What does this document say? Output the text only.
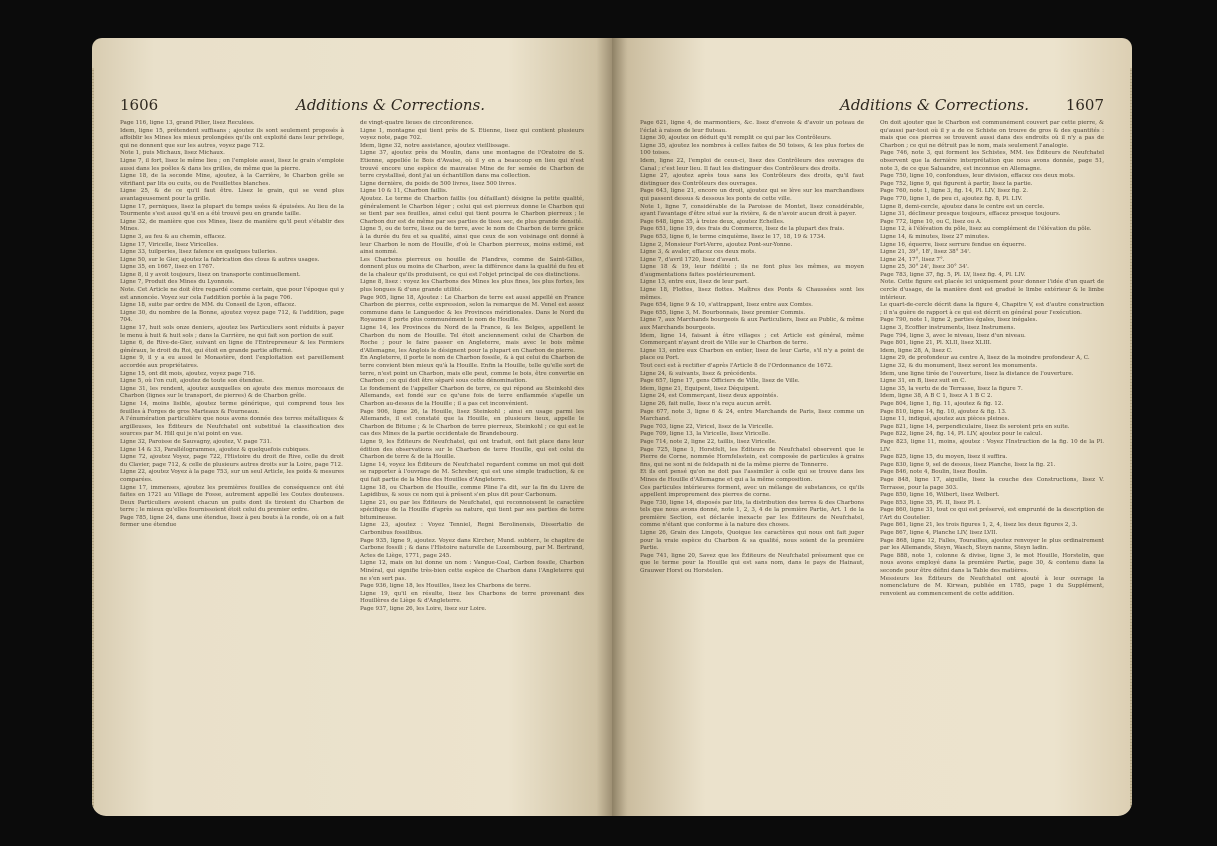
1606	Additions & Corrections.

Page 116, ligne 13, grand Pilier, lisez Reculées.

Idem, ligne 15, prétendent suffisans ; ajoutez ils sont seulement proposés à affoiblir les Mines les mieux prolongées qu'ils ont exploité dans leur privilege, qui ne donnent que sur les autres, voyez page 712.

Note 1, puis Michaux, lisez Michaux.

Ligne 7, il fort, lisez le même lieu ; on l'emploie aussi, lisez le grain s'emploie aussi dans les poêles & dans les grilles, de même que la pierre.

Ligne 18, de la seconde Mine, ajoutez, à la Carrière, le Charbon grêle se vitrifiant par lits ou cuits, ou de Feuillettes blanches.

Ligne 25, & de ce qu'il faut être. Lisez le grain, qui se vend plus avantageusement pour la grille.

Ligne 17, perniques, lisez la plupart du temps usées & épuisées. Au lieu de la Tourmente s'est aussi qu'il en a été trouvé peu en grande taille.

Ligne 32, de manière que ces Mines, lisez de manière qu'il peut s'établir des Mines.

Ligne 3, au feu & au chemin, effacez.

Ligne 17, Viricelle, lisez Viricelles.

Ligne 33, tuilperies, lisez faïence en quelques tuileries.

Ligne 50, sur le Gier, ajoutez la fabrication des clous & autres usages.

Ligne 35, en 1667, lisez en 1767.

Ligne 8, il y avoit toujours, lisez on transporte continuellement.

Ligne 7, Produit des Mines du Lyonnois.

Note. Cet Article ne doit être regardé comme certain, que pour l'époque qui y est annoncée. Voyez sur cela l'addition portée à la page 706.

Ligne 18, suite par ordre de MM. du Conseil de Lyon, effacez.

Ligne 30, du nombre de la Bonne, ajoutez voyez page 712, & l'addition, page 704.

Ligne 17, huit sols onze deniers, ajoutez les Particuliers sont réduits à payer le menu à huit & huit sols ; dans la Carrière, ne qui fait son portion de suif.

Ligne 6, de Rive-de-Gier, suivant en ligne de l'Entrepreneur & les Fermiers généraux, le droit du Roi, qui étoit en grande partie affermé.

Ligne 9, il y a eu aussi le Monastère, dont l'exploitation est pareillement accordée aux propriétaires.

Ligne 15, ont dit mois, ajoutez, voyez page 716.

Ligne 5, où l'on cuit, ajoutez de toute son étendue.

Ligne 31, les rendent, ajoutez auxquelles on ajoute des menus morceaux de Charbon (lignes sur le transport, de pierres) & de Charbon grêle.

Ligne 14, moins lisible, ajoutez terme générique, qui comprend tous les feuilles à Forges de gros Marteaux & Fourneaux.

A l'énumération particulière que nous avons donnée des terres métalliques & argilleuses, les Éditeurs de Neufchatel ont substitué la classification des sources par M. Hill qui je n'ai point en vue.

Ligne 32, Paroisse de Sauvagny, ajoutez, V. page 731.

Ligne 14 & 33, Parallélogrammes, ajoutez & quelquefois cubiques.

Ligne 72, ajoutez Voyez, page 722, l'Histoire du droit de Rive, celle du droit du Clavier, page 712, & celle de plusieurs autres droits sur la Loire, page 712.

Ligne 22, ajoutez Voyez à la page 753, sur un seul Article, les poids & mesures comparées.

Ligne 17, immenses, ajoutez les premières fouilles de conséquence ont été faites en 1721 au Village de Fosse, autrement appellé les Coutes douteuses. Deux Particuliers avoient chacun un puits dont ils tiroient du Charbon de terre ; le mieux qu'elles fournissoient étoit celui du premier ordre.

Page 785, ligne 24, dans une étendue, lisez à peu bouts à la ronde, où on a fait fermer une étendue

de vingt-quatre lieues de circonférence.

Ligne 1, montagne qui tient près de S. Etienne, lisez qui contient plusieurs voyez note, page 702.

Idem, ligne 32, notre assistance, ajoutez vieillissage.

Ligne 37, ajoutez près du Moulin, dans une montagne de l'Oratoire de S. Etienne, appellée le Bois d'Avaise, où il y en a beaucoup en lieu qui n'est trouvé encore une espèce de mauvaise Mine de fer semée de Charbon de terre crystallisé, dont j'ai un échantillon dans ma collection.

Ligne dernière, du poids de 500 livres, lisez 500 livres.

Ligne 10 & 11, Charbon faillis.

Ajoutez. Le terme de Charbon faillis (ou défaillant) désigne la petite qualité, généralement le Charbon léger ; celui qui est pierreux donne le Charbon qui se tient par ses feuilles, ainsi celui qui tient pourra le Charbon pierreux ; le Charbon dur est de même par ses parties de tissu sec, de plus grande densité.

Ligne 5, ou de terre, lisez ou de terre, avec le nom de Charbon de terre grâce à la durée du feu et sa qualité, ainsi que ceux de son voisinage ont donné à leur Charbon le nom de Houille, d'où le Charbon pierreux, moins estimé, est ainsi nommé.

Les Charbons pierreux ou houille de Flandres, comme de Saint-Gilles, donnent plus ou moins de Charbon, avec la différence dans la qualité du feu et de la chaleur qu'ils produisent, ce qui est l'objet principal de ces distinctions.

Ligne 8, lisez : voyez les Charbons des Mines les plus fines, les plus fortes, les plus longues & d'une grande utilité.

Page 905, ligne 18, Ajoutez : Le Charbon de terre est aussi appellé en France Charbon de pierres, cette expression, selon la remarque de M. Venel est assez commune dans le Languedoc & les Provinces méridionales. Dans le Nord du Royaume il porte plus communément le nom de Houille.

Ligne 14, les Provinces du Nord de la France, & les Belges, appellent le Charbon du nom de Houille. Tel étoit anciennement celui de Charbon de Roche ; pour le faire passer en Angleterre, mais avec le bois même d'Allemagne, les Anglois le désignent pour la plupart en Charbon de pierre.

En Angleterre, il porte le nom de Charbon fossile, & à qui celui du Charbon de terre convient bien mieux qu'à la Houille. Enfin la Houille, telle qu'elle sort de terre, n'est point un Charbon, mais elle peut, comme le bois, être convertie en Charbon ; ce qui doit être séparé sous cette dénomination.

Le fondement de l'appeller Charbon de terre, ce qui répond au Steinkohl des Allemands, est fondé sur ce qu'une fois de terre enflammée s'apelle un Charbon au-dessus de la Houille ; il a pas cet inconvénient.

Page 906, ligne 26, la Houille, lisez Steinkohl ; ainsi en usage parmi les Allemands, il est constaté que la Houille, en plusieurs lieux, appelle le Charbon de Bitume ; & le Charbon de terre pierreux, Steinkohl ; ce qui est le cas des Mines de la partie occidentale de Brandebourg.

Ligne 9, les Éditeurs de Neufchatel, qui ont traduit, ont fait place dans leur édition des observations sur le Charbon de terre Houille, qui est celui du Charbon de terre & de la Houille.

Ligne 14, voyez les Éditeurs de Neufchatel regardent comme un mot qui doit se rapporter à l'ouvrage de M. Schreber, qui est une simple traduction, & ce qui fait partie de la Mine des Houilles d'Angleterre.

Ligne 18, ou Charbon de Houille, comme Pline l'a dit, sur la fin du Livre de Lapidibus, & sous ce nom qui à présent s'en plus dit pour Carbonum.

Ligne 21, ou par les Éditeurs de Neufchatel, qui reconnoissent le caractère spécifique de la Houille d'après sa nature, qui tient par ses parties de terre bitumineuse.

Ligne 23, ajoutez : Voyez Tenniel, Regni Berolinensis, Dissertatio de Carbonibus fossilibus.

Page 935, ligne 9, ajoutez. Voyez dans Kircher, Mund. subterr., le chapitre de Carbone fossili ; & dans l'Histoire naturelle de Luxembourg, par M. Bertrand, Actes de Liège, 1771, page 245.

Ligne 12, mais on lui donne un nom : Vangue-Coal, Carbon fossile, Charbon Minéral, qui signifie très-bien cette espèce de Charbon dans l'Angleterre qui ne s'en sert pas.

Page 936, ligne 18, les Houilles, lisez les Charbons de terre.

Ligne 19, qu'il en résulte, lisez les Charbons de terre provenant des Houillères de Liège & d'Angleterre.

Page 937, ligne 26, les Loire, lisez sur Loire.

Additions & Corrections. 1607

Page 621, ligne 4, de marmontiers, &c. lisez d'envoie & d'avoir un poteau de l'éclat à raison de leur fluteau.

Ligne 30, ajoutez on déduit qu'il remplit ce qui par les Contrôleurs.

Ligne 35, ajoutez les nombres à celles faites de 50 toises, & les plus fortes de 100 toises.

Idem, ligne 22, l'emploi de ceux-ci, lisez des Contrôleurs des ouvrages du Canal ; c'est leur lieu. Il faut les distinguer des Contrôleurs des droits.

Ligne 27, ajoutez après tous sans les Contrôleurs des droits, qu'il faut distinguer des Contrôleurs des ouvrages.

Page 643, ligne 21, encore un droit, ajoutez qui se lève sur les marchandises qui passent dessus & dessous les ponts de cette ville.

Note 1, ligne 7, considérable de la Paroisse de Montet, lisez considérable, ayant l'avantage d'être situé sur la rivière, & de n'avoir aucun droit à payer.

Page 648, ligne 35, à treize deux, ajoutez Echelles.

Page 651, ligne 19, des frais du Commerce, lisez de la plupart des frais.

Page 653, ligne 6, le terme cinquième, lisez le 17, 18, 19 & 1734.

Ligne 2, Monsieur Fort-Verre, ajoutez Pont-sur-Yonne.

Ligne 3, & avaler, effacez ces deux mots.

Ligne 7, d'avril 1720, lisez d'avant.

Ligne 18 & 19, leur fidélité ; ils ne font plus les mêmes, au moyen d'augmentations faites postérieurement.

Ligne 13, entre eux, lisez de leur part.

Ligne 18, Flottes, lisez flottes. Maîtres des Ponts & Chaussées sont les mêmes.

Page 654, ligne 9 & 10, s'attrappant, lisez entre aux Comtes.

Page 655, ligne 3, M. Bourbonnais, lisez premier Commis.

Ligne 7, aux Marchands bourgeois & aux Particuliers, lisez au Public, & même aux Marchands bourgeois.

Idem, ligne 14, faisant à être villages ; cet Article est général, même Commerçant n'ayant droit de Ville sur le Charbon de terre.

Ligne 13, entre eux Charbon en entier, lisez de leur Carte, s'il n'y a point de place ou Port.

Tout ceci est à rectifier d'après l'Article 8 de l'Ordonnance de 1672.

Ligne 24, & suivants, lisez & précédents.

Page 657, ligne 17, gens Officiers de Ville, lisez de Ville.

Idem, ligne 21, Equipent, lisez Déquipent.

Ligne 24, est Commerçant, lisez deux appointés.

Ligne 26, fait nulle, lisez n'a reçu aucun arrêt.

Page 677, note 3, ligne 6 & 24, entre Marchands de Paris, lisez comme un Marchand.

Page 703, ligne 22, Viricel, lisez de la Viricelle.

Page 709, ligne 13, la Viricelle, lisez Viricelle.

Page 714, note 2, ligne 22, taillis, lisez Viricelle.

Page 725, ligne 1, Horstfelt, les Éditeurs de Neufchatel observent que le Pierre de Corne, nommée Hornfelsstein, est composée de particules à grains fins, qui ne sont ni de feldspath ni de la même pierre de Tonnerre.

Et ils ont pensé qu'on ne doit pas l'assimiler à celle qui se trouve dans les Mines de Houille d'Allemagne et qui a la même composition.

Ces particules intérieures forment, avec un mélange de substances, ce qu'ils appellent improprement des pierres de corne.

Page 730, ligne 14, disposés par lits, la distribution des terres & des Charbons tels que nous avons donné, note 1, 2, 3, 4 de la première Partie, Art. 1 de la première Section, est déclarée inexacte par les Éditeurs de Neufchatel, comme n'étant que conforme à la nature des choses.

Ligne 26, Grain des Lingots, Quoique les caractères qui nous ont fait juger pour la vraie espèce du Charbon & sa qualité, nous soient de la première Partie.

Page 741, ligne 20, Savez que les Éditeurs de Neufchatel présument que ce que le terme pour la Houille qui est sans nom, dans le pays de Hainaut, Grauwer Horst ou Horstelen.

On doit ajouter que le Charbon est communément couvert par cette pierre, & qu'aussi par-tout où il y a de ce Schiste on trouve de gros & des quantités : mais que ces pierres se trouvent aussi dans des endroits où il n'y a pas de Charbon ; ce qui ne détruit pas le nom, mais seulement l'analogie.

Page 746, note 3, qui forment les Schistes, MM. les Éditeurs de Neufchatel observent que la dernière interprétation que nous avons donnée, page 51, note 3, de ce que Saluandre, est inconnue en Allemagne.

Page 750, ligne 10, confondues, leur division, effacez ces deux mots.

Page 752, ligne 9, qui figurent à partir, lisez la partie.

Page 760, note 1, ligne 3, fig. 14, Pl. LIV, lisez fig. 2.

Page 770, ligne 1, de peu ci, ajoutez fig. 8, Pl. LIV.

Ligne 8, demi-cercle, ajoutez dans le centre est un cercle.

Ligne 31, déclineur presque toujours, effacez presque toujours.

Page 772, ligne 10, ou C, lisez ou A.

Ligne 12, à l'élévation du pôle, lisez au complément de l'élévation du pôle.

Ligne 14, & minutes, lisez 27 minutes.

Ligne 16, équerre, lisez serrure fendue en équerre.

Ligne 21, 39°, 18', lisez 38° 34'.

Ligne 24, 17°, lisez 7°.

Ligne 25, 30° 24', lisez 30° 34'.

Page 783, ligne 37, fig. 5, Pl. LV, lisez fig. 4, Pl. LIV.

Note. Cette figure est placée ici uniquement pour donner l'idée d'un quart de cercle d'usage, de la manière dont est gradué le limbe extérieur & le limbe intérieur.

Le quart-de-cercle décrit dans la figure 4, Chapitre V, est d'autre construction ; il n'a guère de rapport à ce qui est décrit en général pour l'exécution.

Page 790, note 1, ligne 2, parties égales, lisez inégales.

Ligne 3, Ecoffier instruments, lisez Instrumens.

Page 794, ligne 3, avec le niveau, lisez d'un niveau.

Page 801, ligne 21, Pl. XLII, lisez XLIII.

Idem, ligne 28, A, lisez C.

Ligne 29, de profondeur au centre A, lisez de la moindre profondeur A, C.

Ligne 32, & du monument, lisez seront les monuments.

Idem, une ligne tirée de l'ouverture, lisez la distance de l'ouverture.

Ligne 31, en B, lisez suit en C.

Ligne 35, la vertu de de Terrasse, lisez la figure 7.

Idem, ligne 38, A B C 1, lisez A 1 B C 2.

Page 804, ligne 1, fig. 11, ajoutez & fig. 12.

Page 810, ligne 14, fig. 10, ajoutez & fig. 13.

Ligne 11, indiqué, ajoutez aux pièces pleines.

Page 821, ligne 14, perpendiculaire, lisez ils seroient pris en suite.

Page 822, ligne 24, fig. 14, Pl. LIV, ajoutez pour le calcul.

Page 823, ligne 11, moins, ajoutez : Voyez l'Instruction de la fig. 10 de la Pl. LIV.

Page 825, ligne 15, du moyen, lisez il suffira.

Page 830, ligne 9, sel de dessus, lisez Planche, lisez la fig. 21.

Page 846, note 4, Boulin, lisez Boulin.

Page 848, ligne 17, aiguille, lisez la couche des Constructions, lisez V. Terrasse, pour la page 303.

Page 850, ligne 16, Wilbert, lisez Welbert.

Page 853, ligne 35, Pl. II, lisez Pl. I.

Page 860, ligne 31, tout ce qui est préservé, est emprunté de la description de l'Art du Coutelier.

Page 861, ligne 21, les trois figures 1, 2, 4, lisez les deux figures 2, 3.

Page 867, ligne 4, Planche LIV, lisez LVII.

Page 868, ligne 12, Falles, Tourailles, ajoutez renvoyer le plus ordinairement par les Allemands, Steyn, Wasch, Steyn nanns, Steyn ladin.

Page 888, note 1, colonne & divise, ligne 3, le mot Houille, Horstelin, que nous avons employé dans la première Partie, page 30, & contenu dans la seconde pour être défini dans la Table des matières.

Messieurs les Éditeurs de Neufchatel ont ajouté à leur ouvrage la nomenclature de M. Kirwan, publiée en 1785, page 1 du Supplément, renvoient au commencement de cette addition.
